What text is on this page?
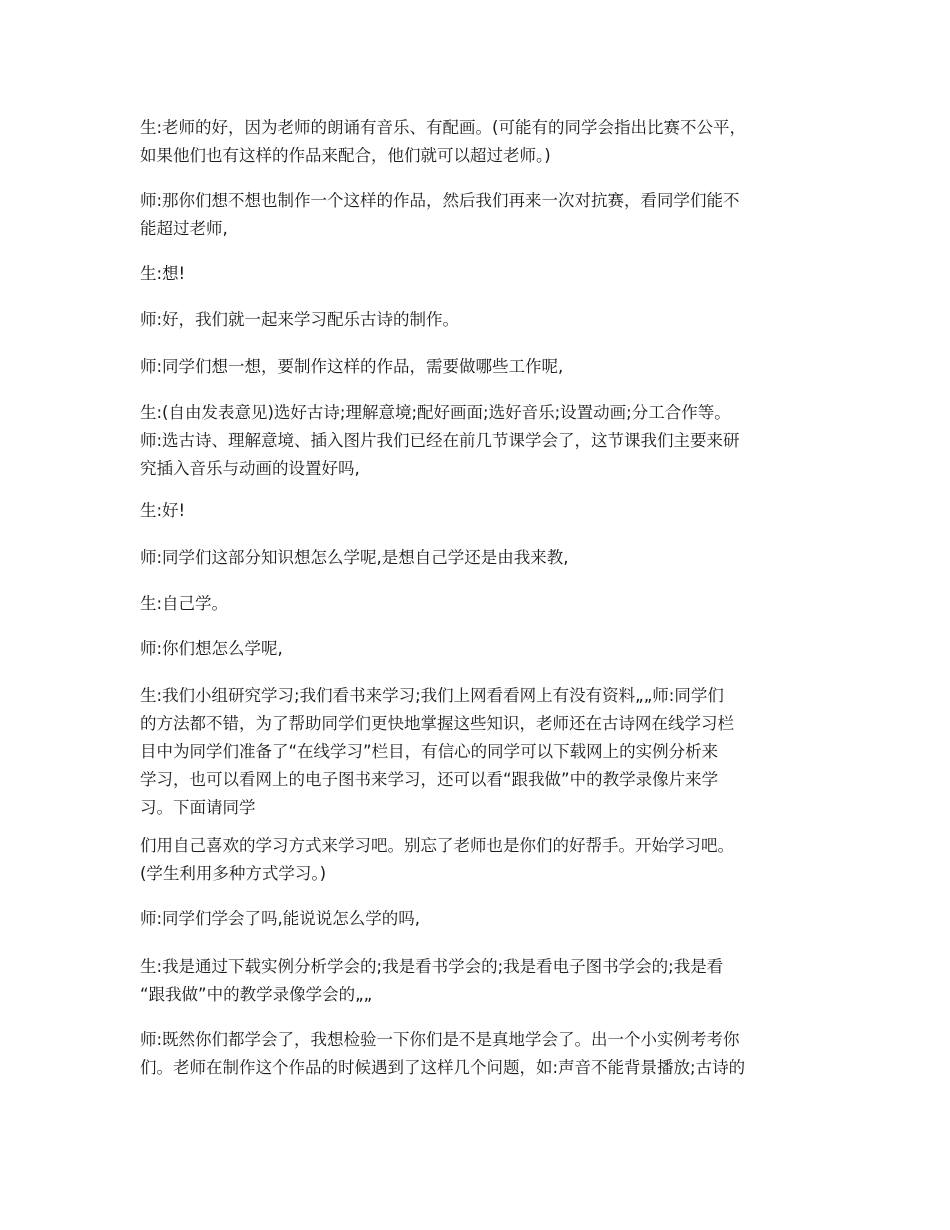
生:老师的好，因为老师的朗诵有音乐、有配画。(可能有的同学会指出比赛不公平，
如果他们也有这样的作品来配合，他们就可以超过老师。)
师:那你们想不想也制作一个这样的作品，然后我们再来一次对抗赛，看同学们能不
能超过老师,
生:想!
师:好，我们就一起来学习配乐古诗的制作。
师:同学们想一想，要制作这样的作品，需要做哪些工作呢,
生:(自由发表意见)选好古诗;理解意境;配好画面;选好音乐;设置动画;分工合作等。
师:选古诗、理解意境、插入图片我们已经在前几节课学会了，这节课我们主要来研
究插入音乐与动画的设置好吗,
生:好!
师:同学们这部分知识想怎么学呢,是想自己学还是由我来教,
生:自己学。
师:你们想怎么学呢,
生:我们小组研究学习;我们看书来学习;我们上网看看网上有没有资料„„师:同学们
的方法都不错，为了帮助同学们更快地掌握这些知识，老师还在古诗网在线学习栏
目中为同学们准备了“在线学习”栏目，有信心的同学可以下载网上的实例分析来
学习，也可以看网上的电子图书来学习，还可以看“跟我做”中的教学录像片来学
习。下面请同学
们用自己喜欢的学习方式来学习吧。别忘了老师也是你们的好帮手。开始学习吧。
(学生利用多种方式学习。)
师:同学们学会了吗,能说说怎么学的吗,
生:我是通过下载实例分析学会的;我是看书学会的;我是看电子图书学会的;我是看
“跟我做”中的教学录像学会的„„
师:既然你们都学会了，我想检验一下你们是不是真地学会了。出一个小实例考考你
们。老师在制作这个作品的时候遇到了这样几个问题，如:声音不能背景播放;古诗的
